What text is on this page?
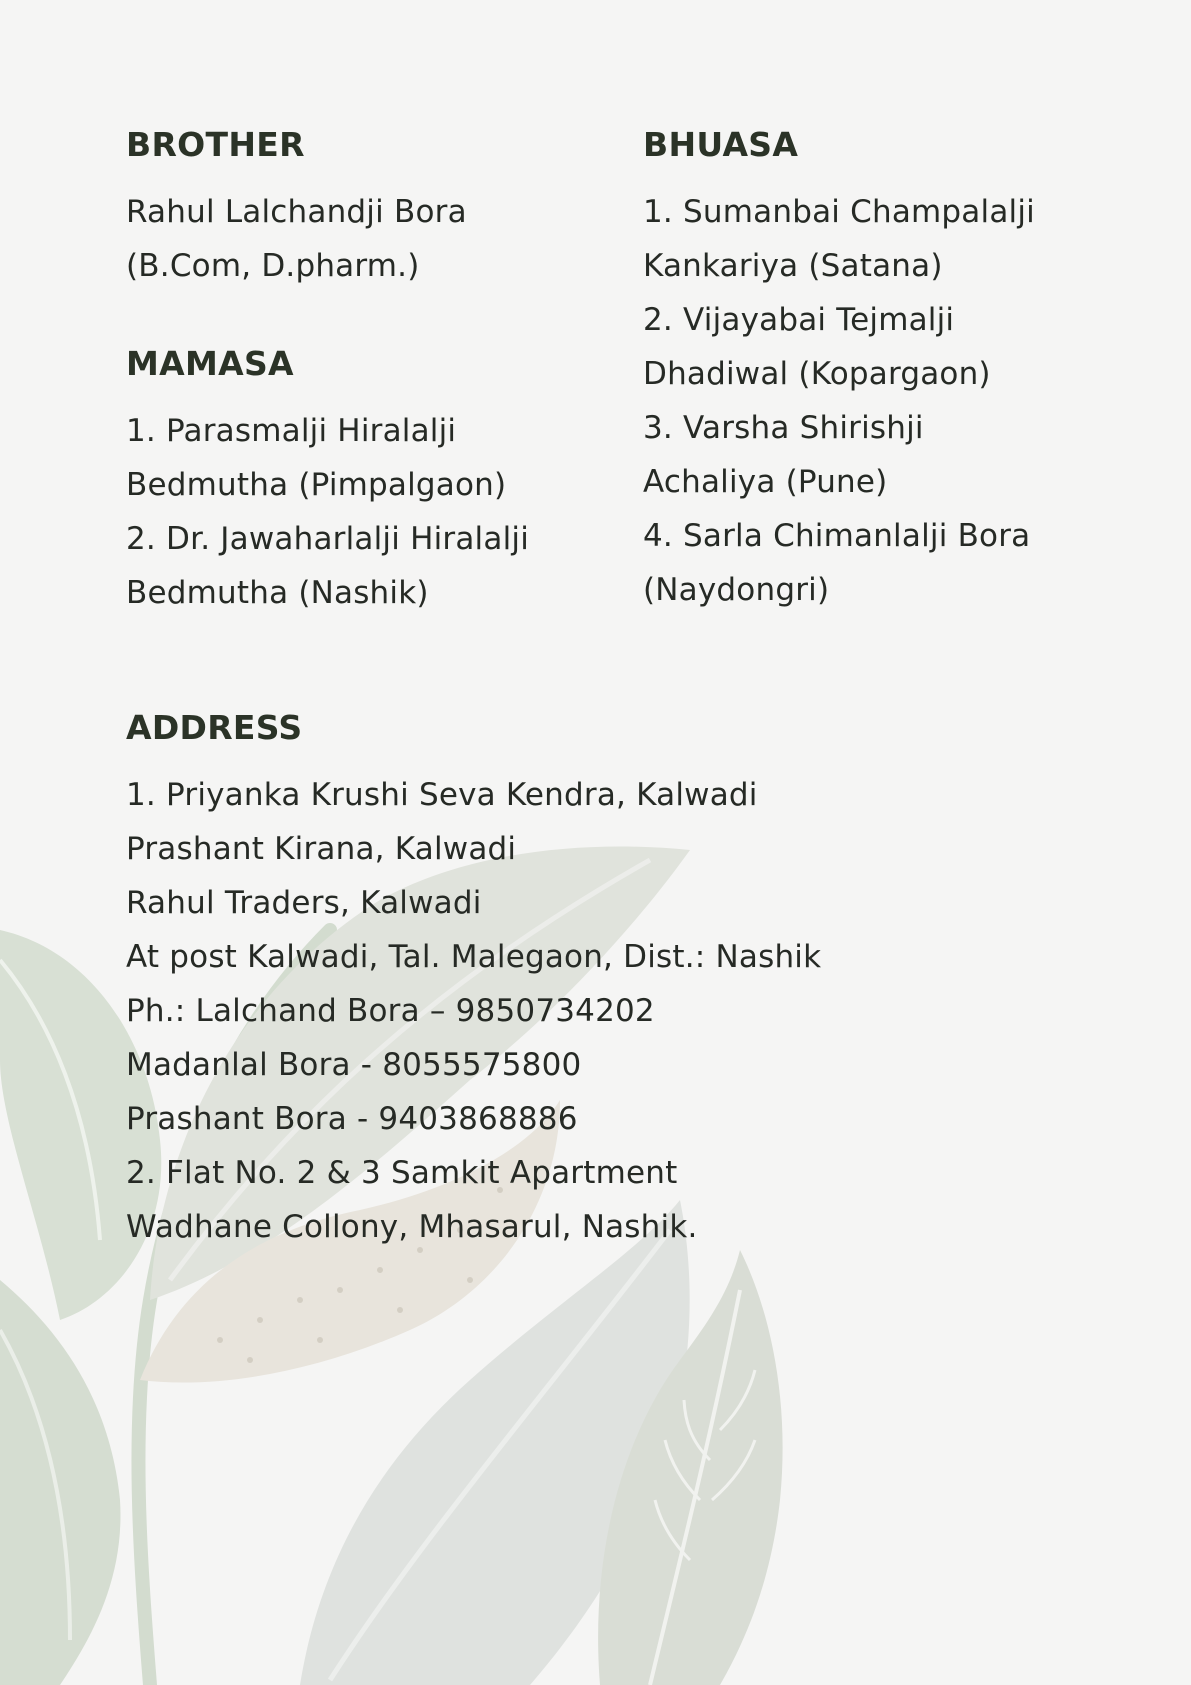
BROTHER
Rahul Lalchandji Bora
(B.Com, D.pharm.)
MAMASA
1. Parasmalji Hiralalji
Bedmutha (Pimpalgaon)
2. Dr. Jawaharlalji Hiralalji
Bedmutha (Nashik)
BHUASA
1. Sumanbai Champalalji
Kankariya (Satana)
2. Vijayabai Tejmalji
Dhadiwal (Kopargaon)
3. Varsha Shirishji
Achaliya (Pune)
4. Sarla Chimanlalji Bora
(Naydongri)
ADDRESS
1. Priyanka Krushi Seva Kendra, Kalwadi
Prashant Kirana, Kalwadi
Rahul Traders, Kalwadi
At post Kalwadi, Tal. Malegaon, Dist.: Nashik
Ph.: Lalchand Bora – 9850734202
Madanlal Bora - 8055575800
Prashant Bora - 9403868886
2. Flat No. 2 & 3 Samkit Apartment
Wadhane Collony, Mhasarul, Nashik.
